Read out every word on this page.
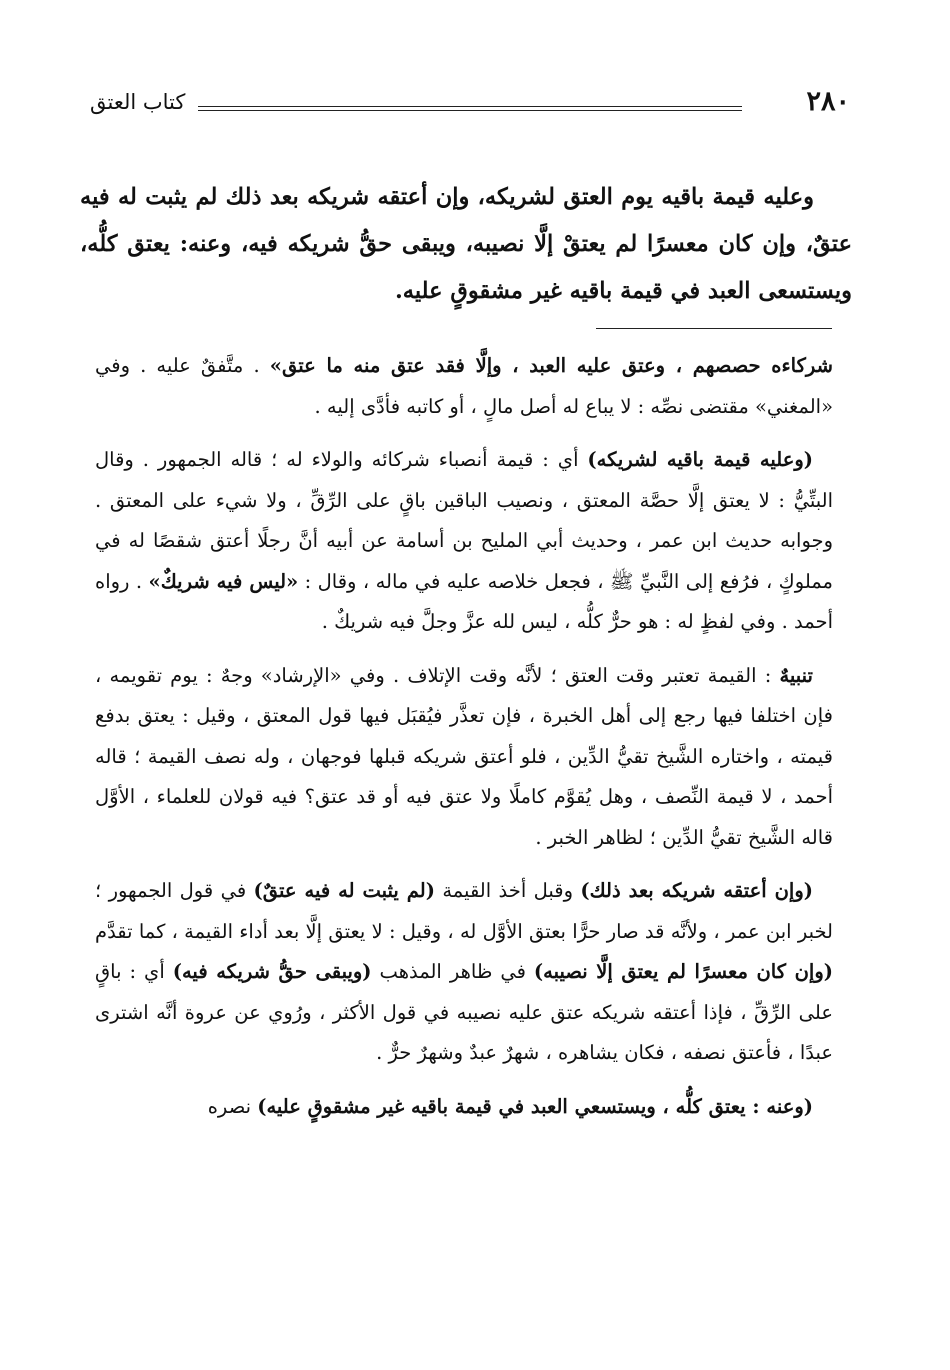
٢٨٠
كتاب العتق

وعليه قيمة باقيه يوم العتق لشريكه، وإن أعتقه شريكه بعد ذلك لم يثبت له فيه عتقٌ، وإن كان معسرًا لم يعتقْ إلَّا نصيبه، ويبقى حقُّ شريكه فيه، وعنه: يعتق كلُّه، ويستسعى العبد في قيمة باقيه غير مشقوقٍ عليه.

شركاءه حصصهم ، وعتق عليه العبد ، وإلَّا فقد عتق منه ما عتق» . متَّفقٌ عليه . وفي «المغني» مقتضى نصِّه : لا يباع له أصل مالٍ ، أو كاتبه فأدَّى إليه .

(وعليه قيمة باقيه لشريكه) أي : قيمة أنصباء شركائه والولاء له ؛ قاله الجمهور . وقال البتِّيُّ : لا يعتق إلَّا حصَّة المعتق ، ونصيب الباقين باقٍ على الرِّقِّ ، ولا شيء على المعتق . وجوابه حديث ابن عمر ، وحديث أبي المليح بن أسامة عن أبيه أنَّ رجلًا أعتق شقصًا له في مملوكٍ ، فرُفع إلى النَّبيِّ ﷺ ، فجعل خلاصه عليه في ماله ، وقال : «ليس فيه شريكٌ» . رواه أحمد . وفي لفظٍ له : هو حرٌّ كلُّه ، ليس لله عزَّ وجلَّ فيه شريكٌ .

تنبيهٌ : القيمة تعتبر وقت العتق ؛ لأنَّه وقت الإتلاف . وفي «الإرشاد» وجهٌ : يوم تقويمه ، فإن اختلفا فيها رجع إلى أهل الخبرة ، فإن تعذَّر فيُقبَل فيها قول المعتق ، وقيل : يعتق بدفع قيمته ، واختاره الشَّيخ تقيُّ الدِّين ، فلو أعتق شريكه قبلها فوجهان ، وله نصف القيمة ؛ قاله أحمد ، لا قيمة النِّصف ، وهل يُقوَّم كاملًا ولا عتق فيه أو قد عتق؟ فيه قولان للعلماء ، الأوَّل قاله الشَّيخ تقيُّ الدِّين ؛ لظاهر الخبر .

(وإن أعتقه شريكه بعد ذلك) وقبل أخذ القيمة (لم يثبت له فيه عتقٌ) في قول الجمهور ؛ لخبر ابن عمر ، ولأنَّه قد صار حرًّا بعتق الأوَّل له ، وقيل : لا يعتق إلَّا بعد أداء القيمة ، كما تقدَّم (وإن كان معسرًا لم يعتق إلَّا نصيبه) في ظاهر المذهب (ويبقى حقُّ شريكه فيه) أي : باقٍ على الرِّقِّ ، فإذا أعتقه شريكه عتق عليه نصيبه في قول الأكثر ، ورُوي عن عروة أنَّه اشترى عبدًا ، فأعتق نصفه ، فكان يشاهره ، شهرٌ عبدٌ وشهرٌ حرٌّ .

(وعنه : يعتق كلُّه ، ويستسعي العبد في قيمة باقيه غير مشقوقٍ عليه) نصره
